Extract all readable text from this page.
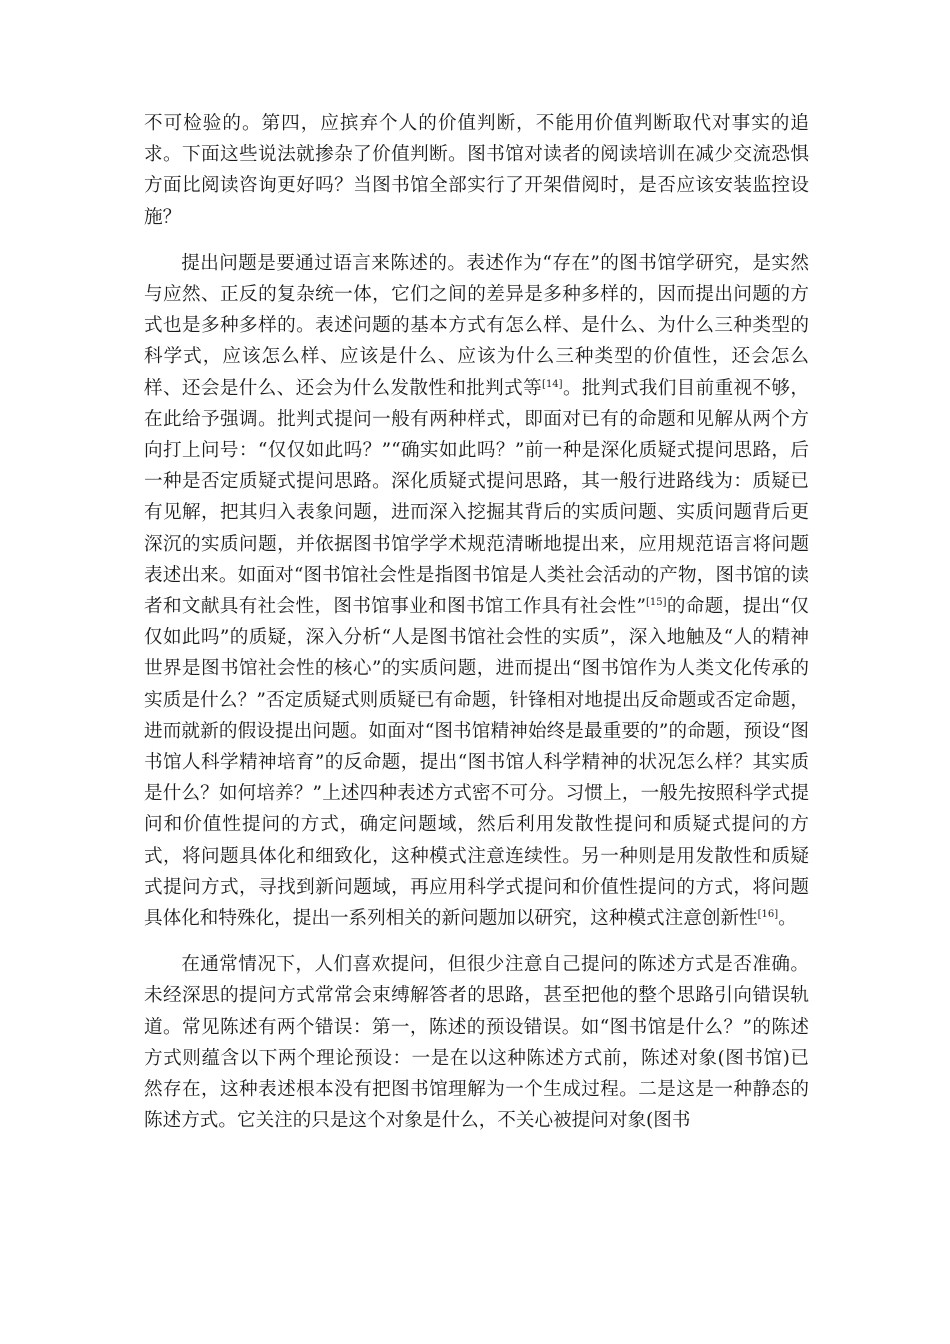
不可检验的。第四，应摈弃个人的价值判断，不能用价值判断取代对事实的追求。下面这些说法就掺杂了价值判断。图书馆对读者的阅读培训在减少交流恐惧方面比阅读咨询更好吗？当图书馆全部实行了开架借阅时，是否应该安装监控设施？

提出问题是要通过语言来陈述的。表述作为“存在”的图书馆学研究，是实然与应然、正反的复杂统一体，它们之间的差异是多种多样的，因而提出问题的方式也是多种多样的。表述问题的基本方式有怎么样、是什么、为什么三种类型的科学式，应该怎么样、应该是什么、应该为什么三种类型的价值性，还会怎么样、还会是什么、还会为什么发散性和批判式等[14]。批判式我们目前重视不够，在此给予强调。批判式提问一般有两种样式，即面对已有的命题和见解从两个方向打上问号：“仅仅如此吗？”“确实如此吗？”前一种是深化质疑式提问思路，后一种是否定质疑式提问思路。深化质疑式提问思路，其一般行进路线为：质疑已有见解，把其归入表象问题，进而深入挖掘其背后的实质问题、实质问题背后更深沉的实质问题，并依据图书馆学学术规范清晰地提出来，应用规范语言将问题表述出来。如面对“图书馆社会性是指图书馆是人类社会活动的产物，图书馆的读者和文献具有社会性，图书馆事业和图书馆工作具有社会性”[15]的命题，提出“仅仅如此吗”的质疑，深入分析“人是图书馆社会性的实质”，深入地触及“人的精神世界是图书馆社会性的核心”的实质问题，进而提出“图书馆作为人类文化传承的实质是什么？”否定质疑式则质疑已有命题，针锋相对地提出反命题或否定命题，进而就新的假设提出问题。如面对“图书馆精神始终是最重要的”的命题，预设“图书馆人科学精神培育”的反命题，提出“图书馆人科学精神的状况怎么样？其实质是什么？如何培养？”上述四种表述方式密不可分。习惯上，一般先按照科学式提问和价值性提问的方式，确定问题域，然后利用发散性提问和质疑式提问的方式，将问题具体化和细致化，这种模式注意连续性。另一种则是用发散性和质疑式提问方式，寻找到新问题域，再应用科学式提问和价值性提问的方式，将问题具体化和特殊化，提出一系列相关的新问题加以研究，这种模式注意创新性[16]。

在通常情况下，人们喜欢提问，但很少注意自己提问的陈述方式是否准确。未经深思的提问方式常常会束缚解答者的思路，甚至把他的整个思路引向错误轨道。常见陈述有两个错误：第一，陈述的预设错误。如“图书馆是什么？”的陈述方式则蕴含以下两个理论预设：一是在以这种陈述方式前，陈述对象(图书馆)已然存在，这种表述根本没有把图书馆理解为一个生成过程。二是这是一种静态的陈述方式。它关注的只是这个对象是什么，不关心被提问对象(图书
